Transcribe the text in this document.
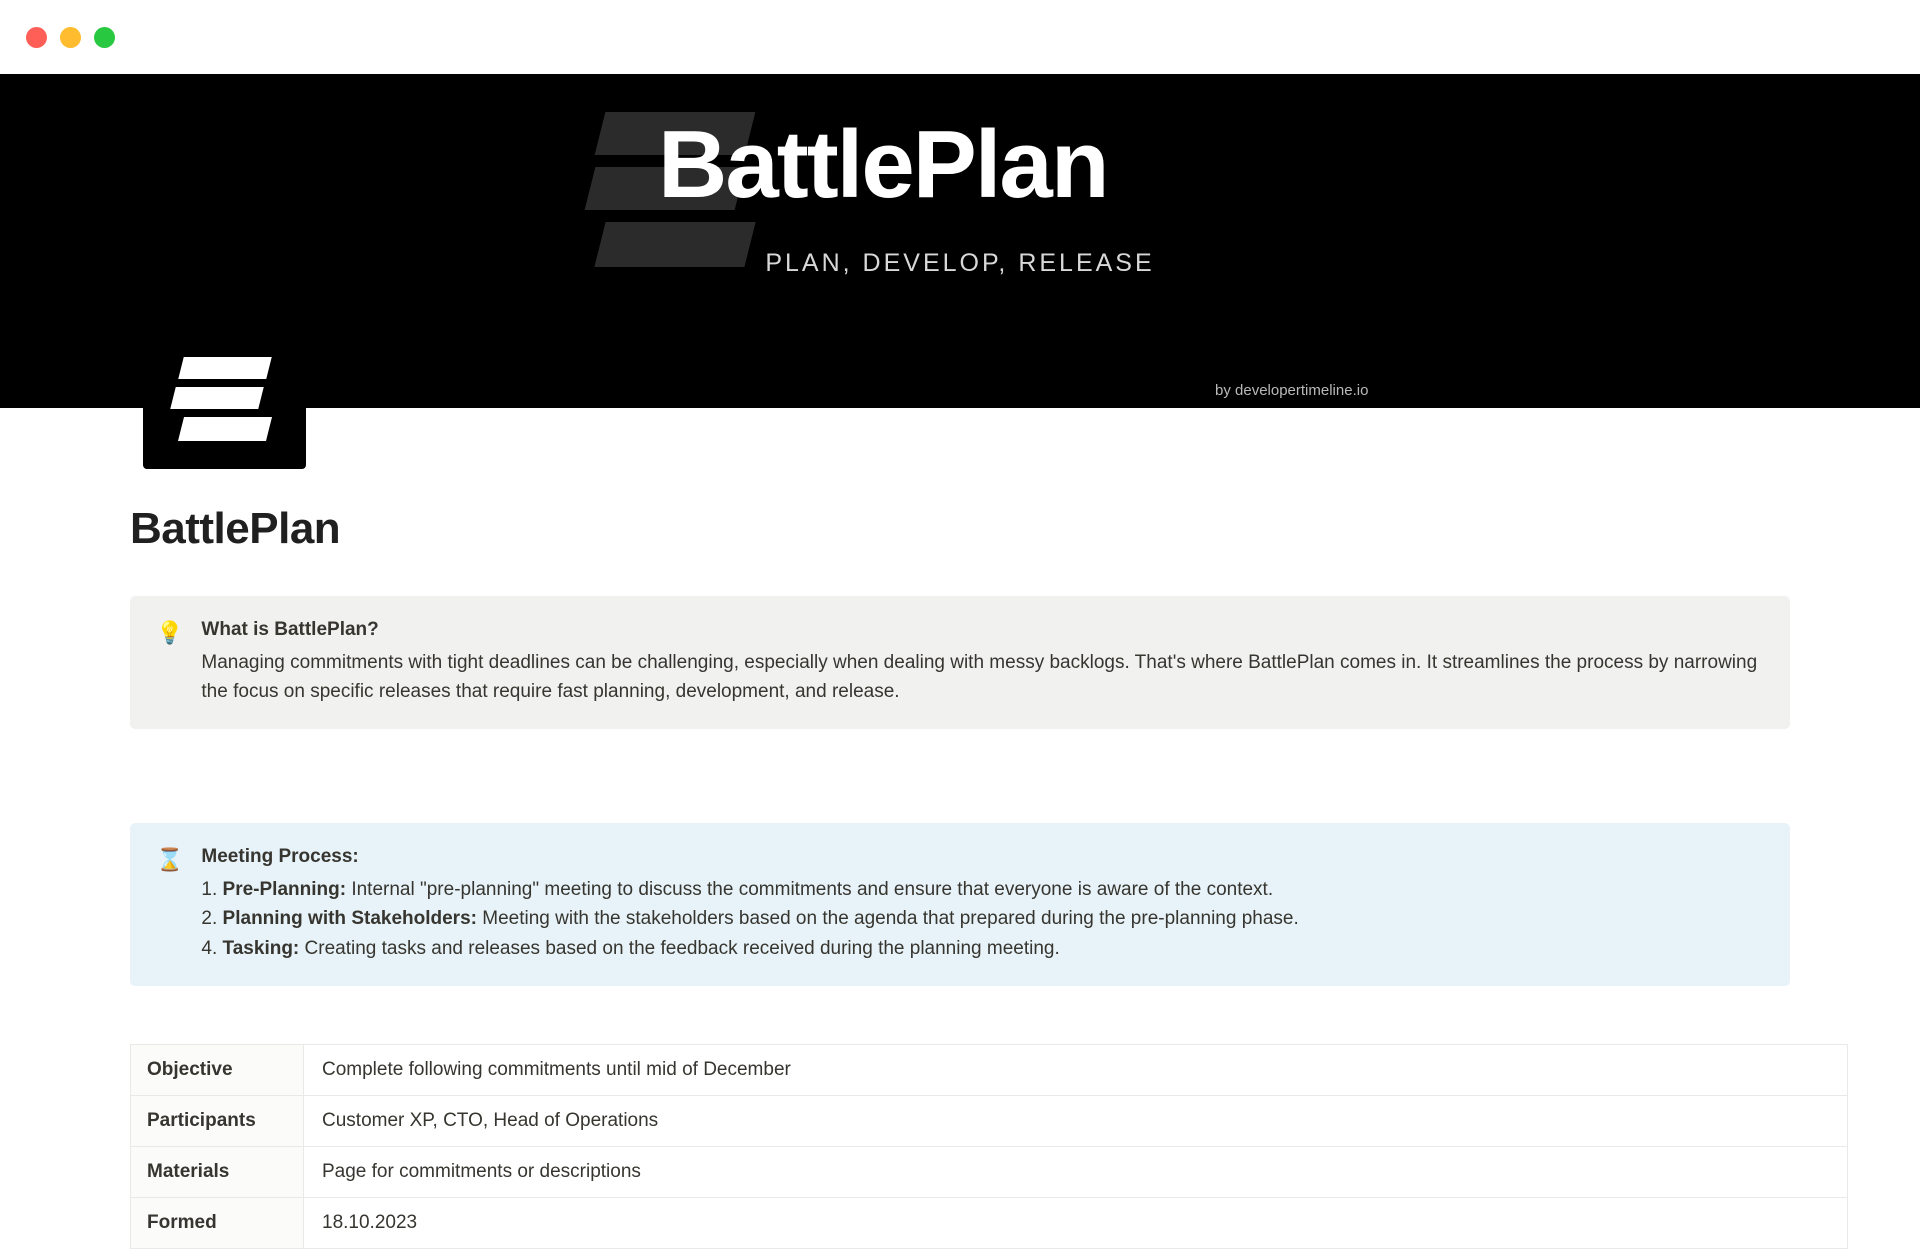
BattlePlan
PLAN, DEVELOP, RELEASE
by developertimeline.io
BattlePlan
💡 What is BattlePlan?
Managing commitments with tight deadlines can be challenging, especially when dealing with messy backlogs. That's where BattlePlan comes in. It streamlines the process by narrowing the focus on specific releases that require fast planning, development, and release.
⌛ Meeting Process:
1. Pre-Planning: Internal "pre-planning" meeting to discuss the commitments and ensure that everyone is aware of the context.
2. Planning with Stakeholders: Meeting with the stakeholders based on the agenda that prepared during the pre-planning phase.
4. Tasking: Creating tasks and releases based on the feedback received during the planning meeting.
Objective	Complete following commitments until mid of December
Participants	Customer XP, CTO, Head of Operations
Materials	Page for commitments or descriptions
Formed	18.10.2023
